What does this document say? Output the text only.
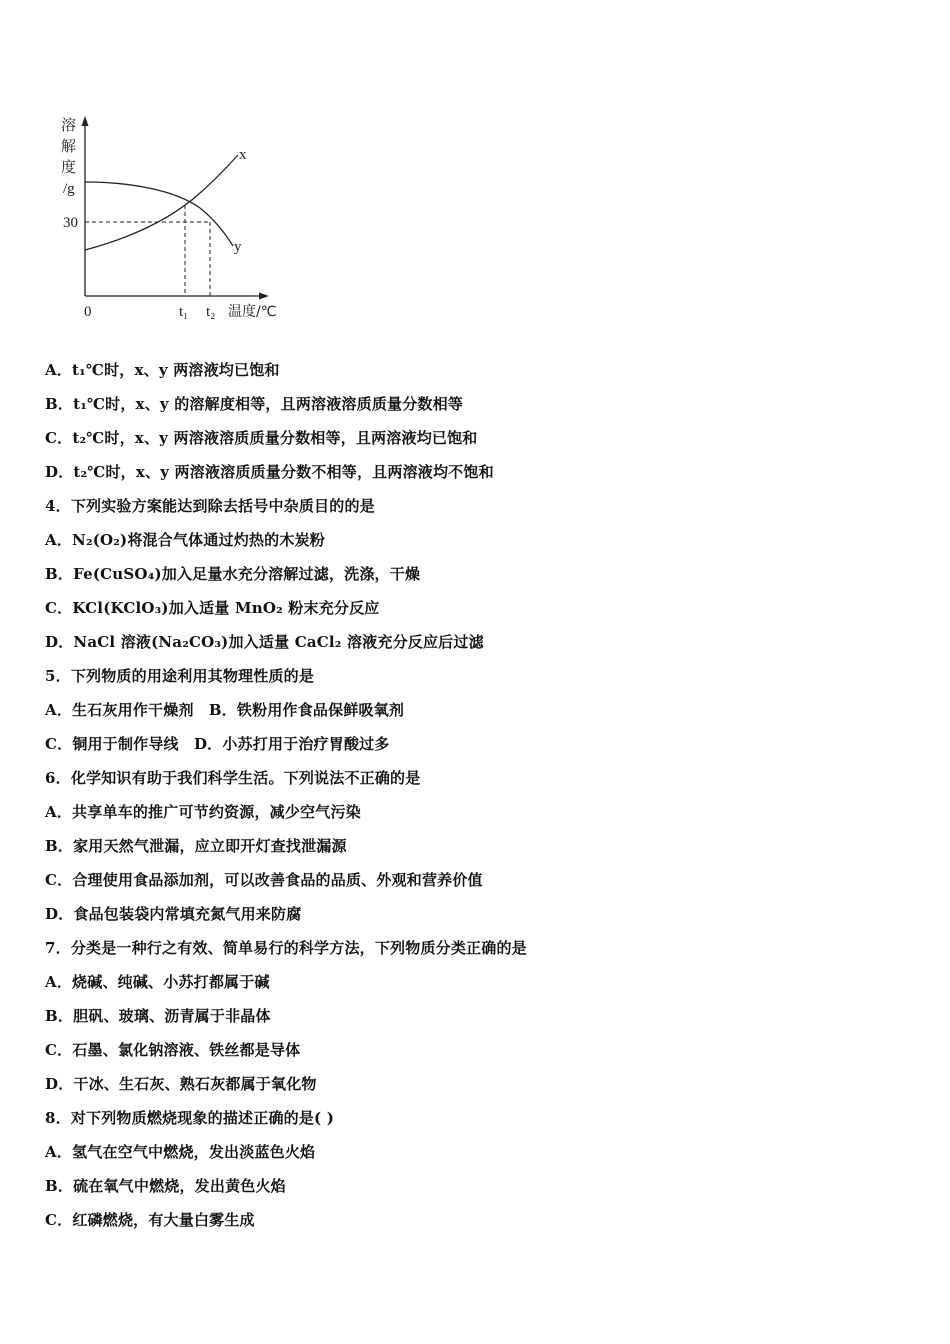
溶
解
度
/g
30
x
y
0	t₁ t₂ 温度/℃
A．t₁℃时，x、y 两溶液均已饱和
B．t₁℃时，x、y 的溶解度相等，且两溶液溶质质量分数相等
C．t₂℃时，x、y 两溶液溶质质量分数相等，且两溶液均已饱和
D．t₂℃时，x、y 两溶液溶质质量分数不相等，且两溶液均不饱和
4．下列实验方案能达到除去括号中杂质目的的是
A．N₂(O₂)将混合气体通过灼热的木炭粉
B．Fe(CuSO₄)加入足量水充分溶解过滤，洗涤，干燥
C．KCl(KClO₃)加入适量 MnO₂ 粉末充分反应
D．NaCl 溶液(Na₂CO₃)加入适量 CaCl₂ 溶液充分反应后过滤
5．下列物质的用途利用其物理性质的是
A．生石灰用作干燥剂　B．铁粉用作食品保鲜吸氧剂
C．铜用于制作导线　D．小苏打用于治疗胃酸过多
6．化学知识有助于我们科学生活。下列说法不正确的是
A．共享单车的推广可节约资源，减少空气污染
B．家用天然气泄漏，应立即开灯查找泄漏源
C．合理使用食品添加剂，可以改善食品的品质、外观和营养价值
D．食品包装袋内常填充氮气用来防腐
7．分类是一种行之有效、简单易行的科学方法，下列物质分类正确的是
A．烧碱、纯碱、小苏打都属于碱
B．胆矾、玻璃、沥青属于非晶体
C．石墨、氯化钠溶液、铁丝都是导体
D．干冰、生石灰、熟石灰都属于氧化物
8．对下列物质燃烧现象的描述正确的是( )
A．氢气在空气中燃烧，发出淡蓝色火焰
B．硫在氧气中燃烧，发出黄色火焰
C．红磷燃烧，有大量白雾生成
